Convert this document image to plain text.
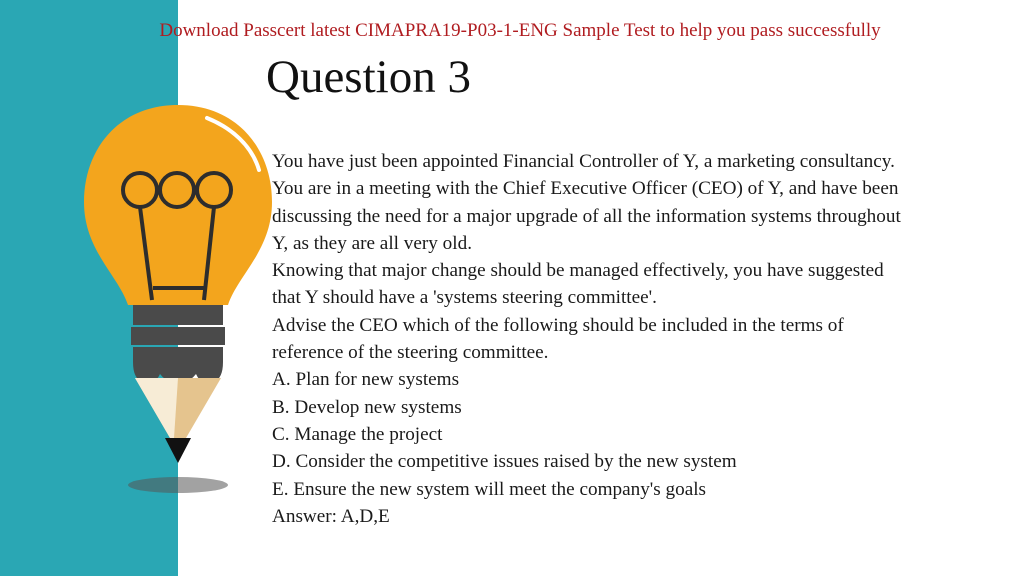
Download Passcert latest CIMAPRA19-P03-1-ENG Sample Test to help you pass successfully
Question 3

You have just been appointed Financial Controller of Y, a marketing consultancy.

You are in a meeting with the Chief Executive Officer (CEO) of Y, and have been

discussing the need for a major upgrade of all the information systems throughout

Y, as they are all very old.

Knowing that major change should be managed effectively, you have suggested

that Y should have a 'systems steering committee'.

Advise the CEO which of the following should be included in the terms of

reference of the steering committee.

A. Plan for new systems

B. Develop new systems

C. Manage the project

D. Consider the competitive issues raised by the new system

E. Ensure the new system will meet the company's goals

Answer: A,D,E
